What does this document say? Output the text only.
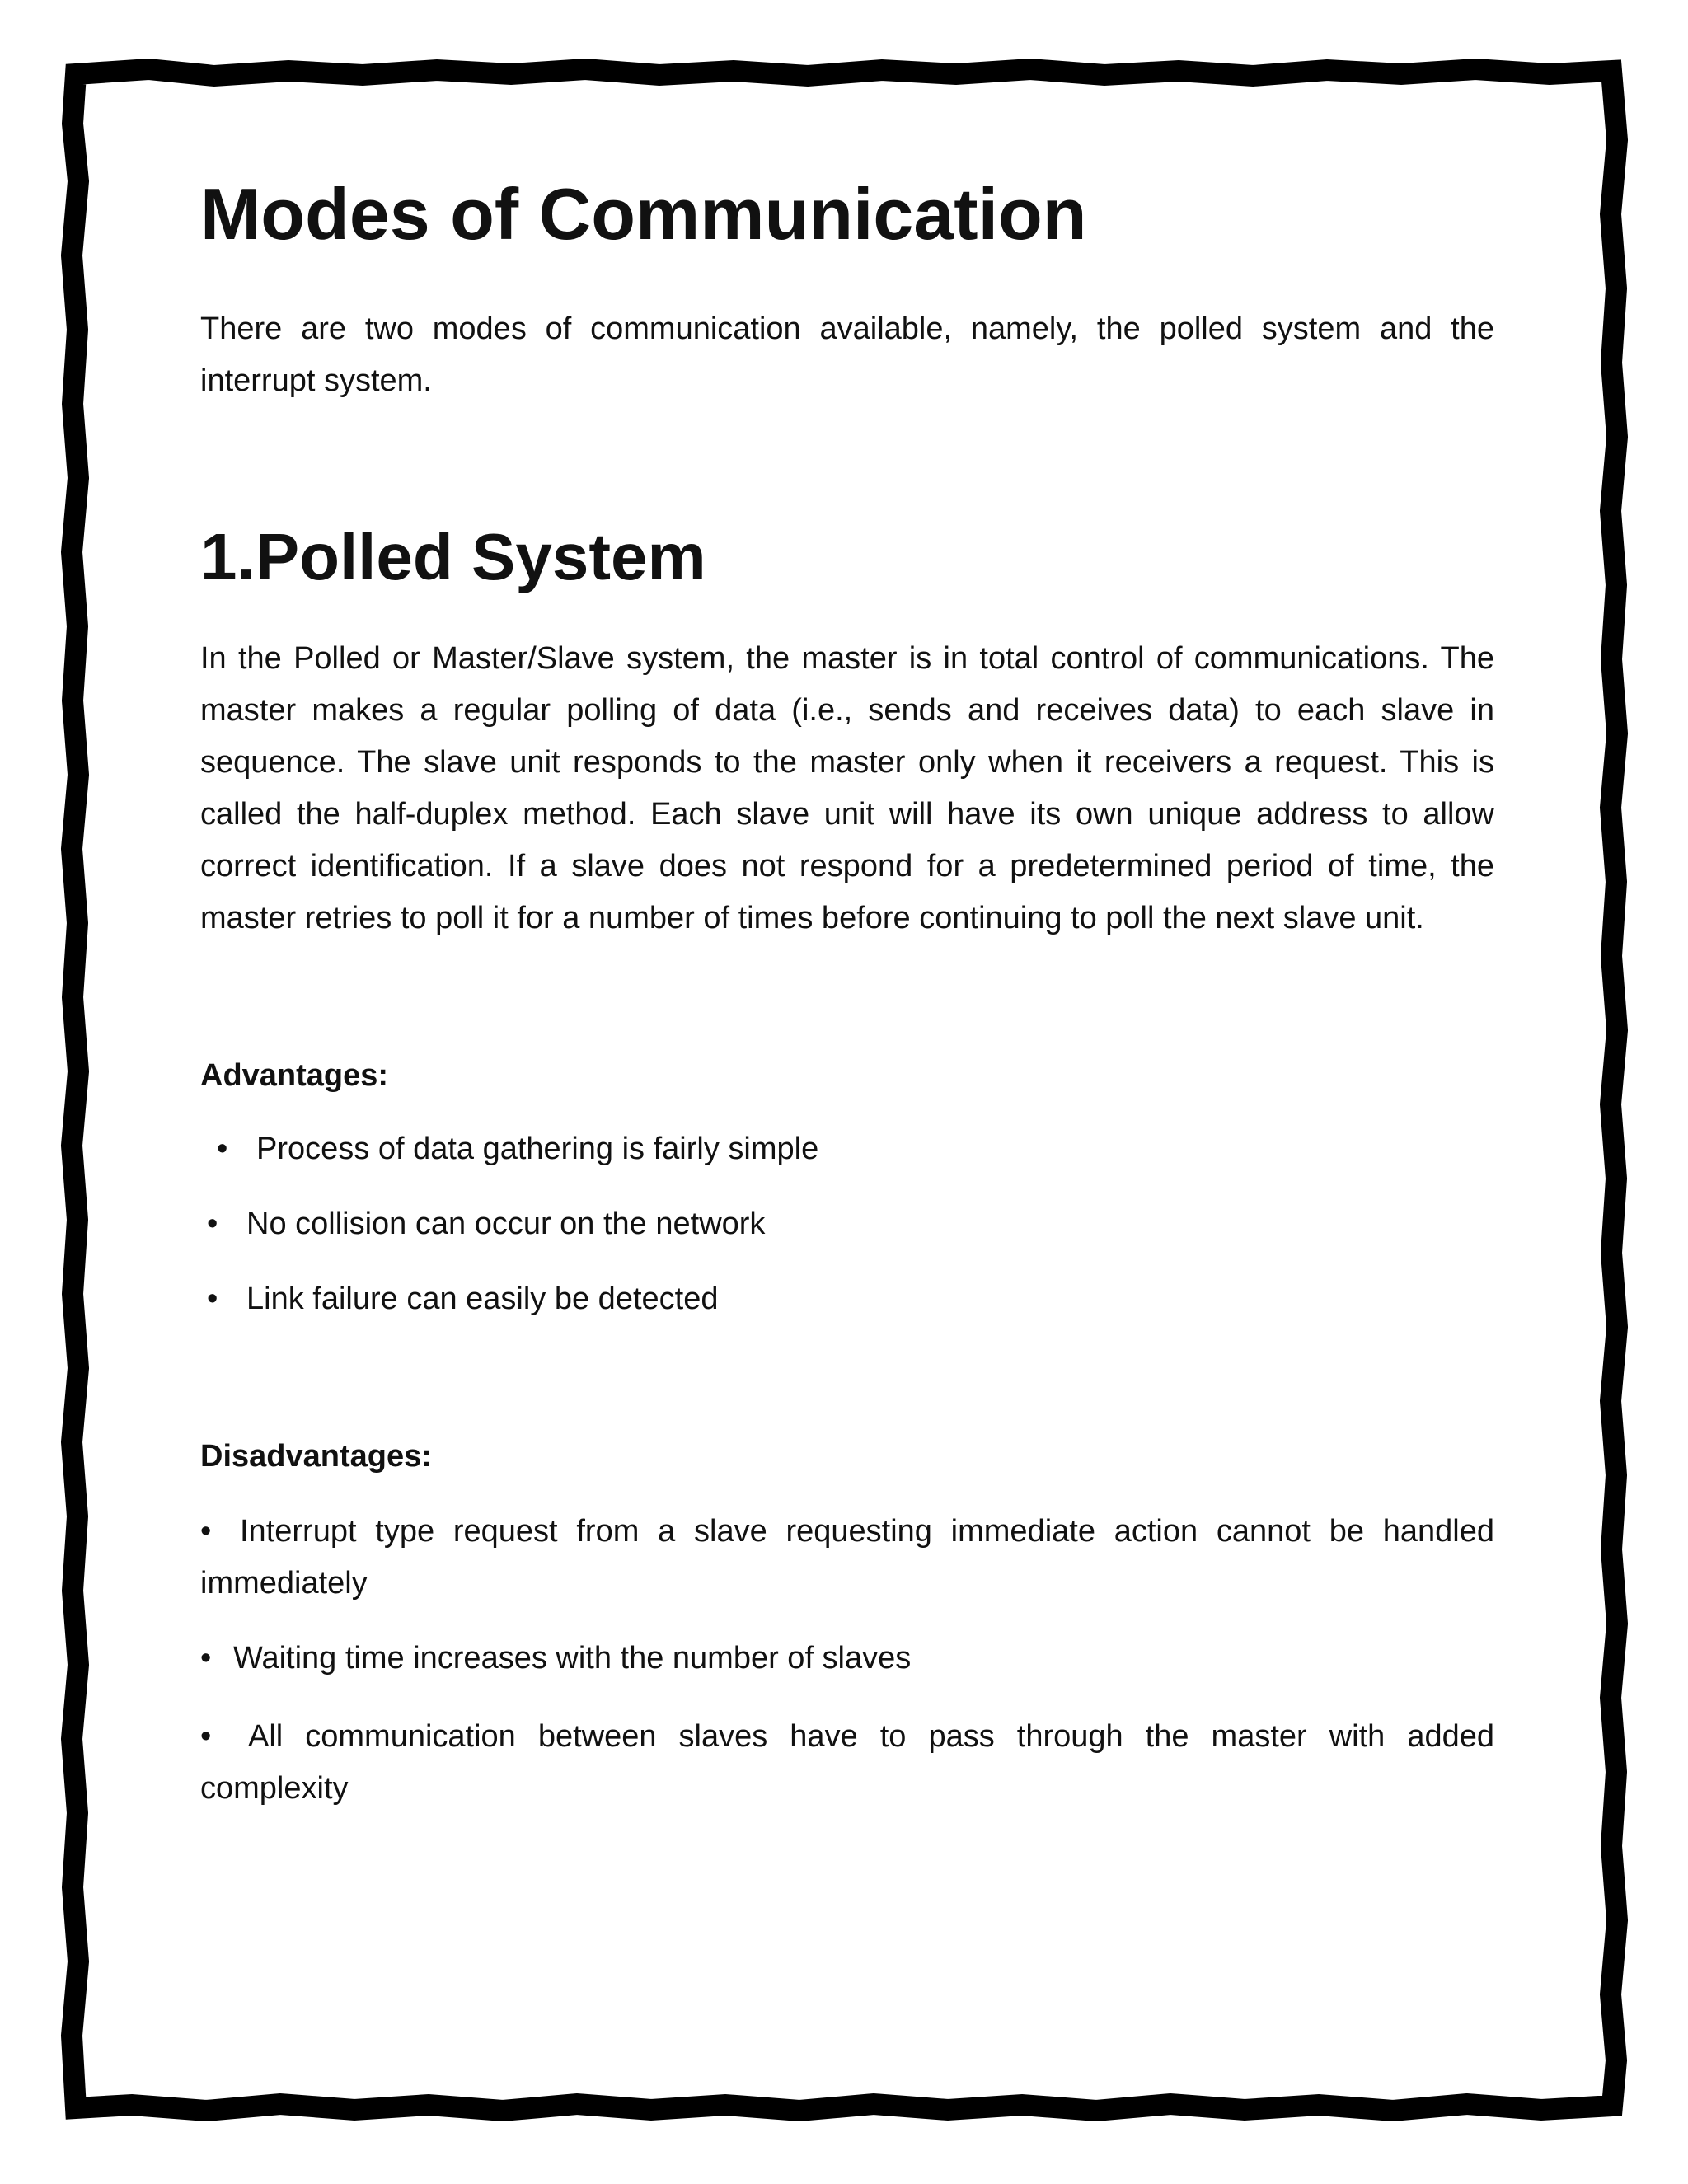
Modes of Communication

There are two modes of communication available, namely, the polled system and the interrupt system.

1.Polled System

In the Polled or Master/Slave system, the master is in total control of communications. The master makes a regular polling of data (i.e., sends and receives data) to each slave in sequence. The slave unit responds to the master only when it receivers a request. This is called the half-duplex method. Each slave unit will have its own unique address to allow correct identification. If a slave does not respond for a predetermined period of time, the master retries to poll it for a number of times before continuing to poll the next slave unit.

Advantages:
• Process of data gathering is fairly simple
• No collision can occur on the network
• Link failure can easily be detected
Disadvantages:
• Interrupt type request from a slave requesting immediate action cannot be handled immediately
• Waiting time increases with the number of slaves
• All communication between slaves have to pass through the master with added complexity
